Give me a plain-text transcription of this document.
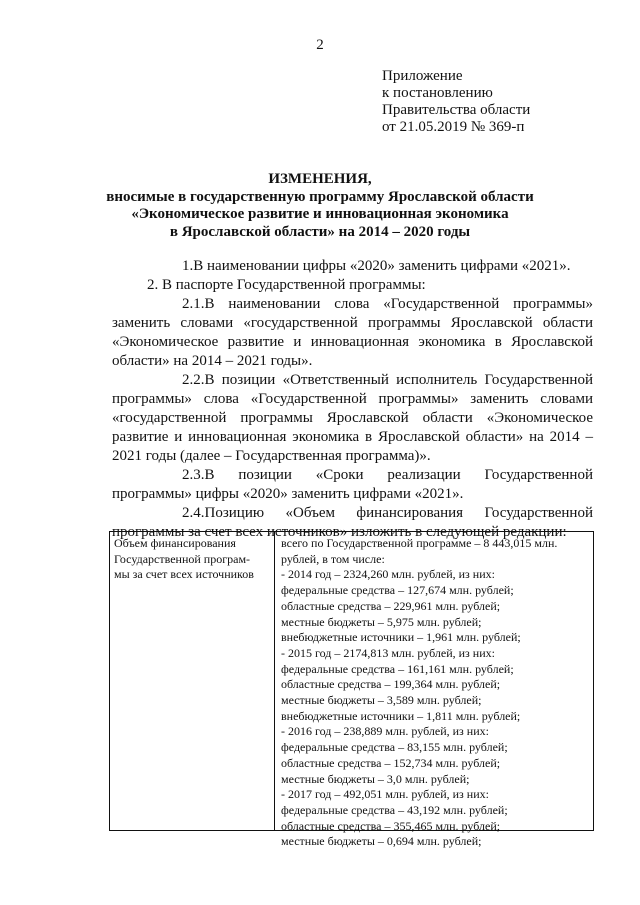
2
Приложение
к постановлению
Правительства области
от 21.05.2019 № 369-п
ИЗМЕНЕНИЯ,
вносимые в государственную программу Ярославской области
«Экономическое развитие и инновационная экономика
в Ярославской области» на 2014 – 2020 годы
1.В наименовании цифры «2020» заменить цифрами «2021».
2. В паспорте Государственной программы:
2.1.В наименовании слова «Государственной программы» заменить словами «государственной программы Ярославской области «Экономическое развитие и инновационная экономика в Ярославской области» на 2014 – 2021 годы».
2.2.В позиции «Ответственный исполнитель Государственной программы» слова «Государственной программы» заменить словами «государственной программы Ярославской области «Экономическое развитие и инновационная экономика в Ярославской области» на 2014 – 2021 годы (далее – Государственная программа)».
2.3.В позиции «Сроки реализации Государственной программы» цифры «2020» заменить цифрами «2021».
2.4.Позицию «Объем финансирования Государственной программы за счет всех источников» изложить в следующей редакции:
Объем финансирования
Государственной програм-
мы за счет всех источников
всего по Государственной программе – 8 443,015 млн.
рублей, в том числе:
- 2014 год – 2324,260 млн. рублей, из них:
федеральные средства – 127,674 млн. рублей;
областные средства – 229,961 млн. рублей;
местные бюджеты – 5,975 млн. рублей;
внебюджетные источники – 1,961 млн. рублей;
- 2015 год – 2174,813 млн. рублей, из них:
федеральные средства – 161,161 млн. рублей;
областные средства – 199,364 млн. рублей;
местные бюджеты – 3,589 млн. рублей;
внебюджетные источники – 1,811 млн. рублей;
- 2016 год – 238,889 млн. рублей, из них:
федеральные средства – 83,155 млн. рублей;
областные средства – 152,734 млн. рублей;
местные бюджеты – 3,0 млн. рублей;
- 2017 год – 492,051 млн. рублей, из них:
федеральные средства – 43,192 млн. рублей;
областные средства – 355,465 млн. рублей;
местные бюджеты – 0,694 млн. рублей;
